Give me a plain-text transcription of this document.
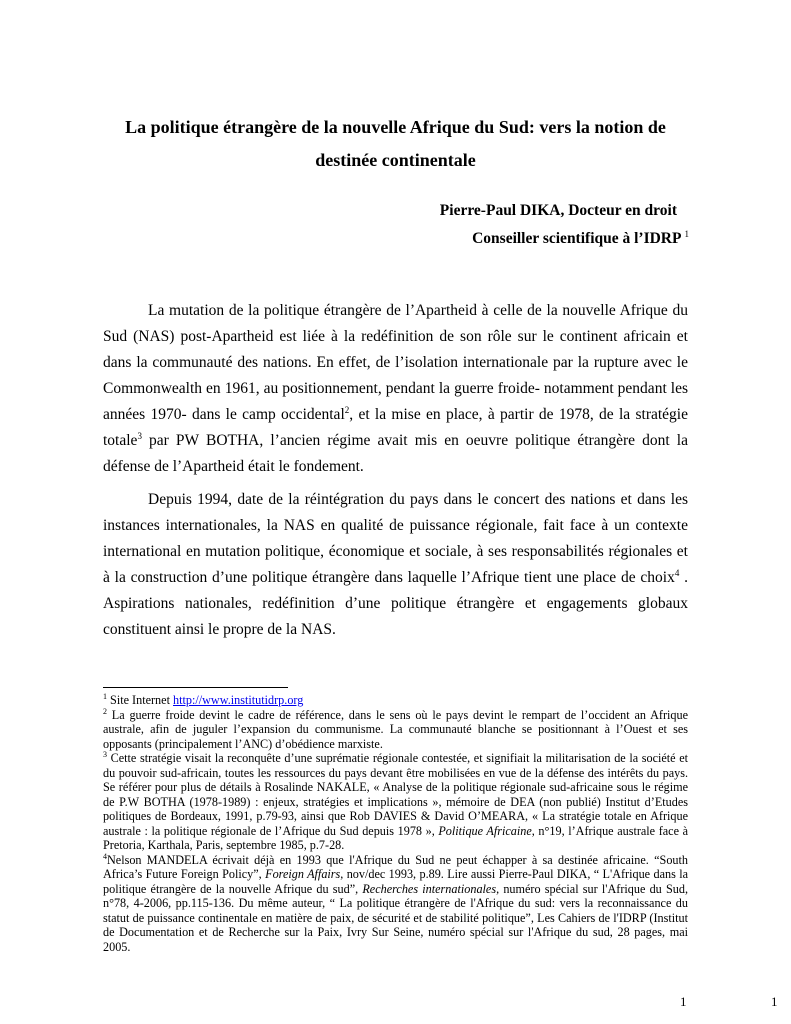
La politique étrangère de la nouvelle Afrique du Sud: vers la notion de destinée continentale
Pierre-Paul DIKA, Docteur en droit
Conseiller scientifique à l’IDRP $^1$

La mutation de la politique étrangère de l’Apartheid à celle de la nouvelle Afrique du Sud (NAS) post-Apartheid est liée à la redéfinition de son rôle sur le continent africain et dans la communauté des nations. En effet, de l’isolation internationale par la rupture avec le Commonwealth en 1961, au positionnement, pendant la guerre froide- notamment pendant les années 1970- dans le camp occidental$^2$, et la mise en place, à partir de 1978, de la stratégie totale$^3$ par PW BOTHA, l’ancien régime avait mis en oeuvre politique étrangère dont la défense de l’Apartheid était le fondement.

Depuis 1994, date de la réintégration du pays dans le concert des nations et dans les instances internationales, la NAS en qualité de puissance régionale, fait face à un contexte international en mutation politique, économique et sociale, à ses responsabilités régionales et à la construction d’une politique étrangère dans laquelle l’Afrique tient une place de choix$^4$ . Aspirations nationales, redéfinition d’une politique étrangère et engagements globaux constituent ainsi le propre de la NAS.

$^1$ Site Internet http://www.institutidrp.org

$^2$ La guerre froide devint le cadre de référence, dans le sens où le pays devint le rempart de l’occident an Afrique australe, afin de juguler l’expansion du communisme. La communauté blanche se positionnant à l’Ouest et ses opposants (principalement l’ANC) d’obédience marxiste.

$^3$ Cette stratégie visait la reconquête d’une suprématie régionale contestée, et signifiait la militarisation de la société et du pouvoir sud-africain, toutes les ressources du pays devant être mobilisées en vue de la défense des intérêts du pays. Se référer pour plus de détails à Rosalinde NAKALE, « Analyse de la politique régionale sud-africaine sous le régime de P.W BOTHA (1978-1989) : enjeux, stratégies et implications », mémoire de DEA (non publié) Institut d’Etudes politiques de Bordeaux, 1991, p.79-93, ainsi que Rob DAVIES & David O’MEARA, « La stratégie totale en Afrique australe : la politique régionale de l’Afrique du Sud depuis 1978 », Politique Africaine, n°19, l’Afrique australe face à Pretoria, Karthala, Paris, septembre 1985, p.7-28.

$^4$Nelson MANDELA écrivait déjà en 1993 que l'Afrique du Sud ne peut échapper à sa destinée africaine. “South Africa’s Future Foreign Policy”, Foreign Affairs, nov/dec 1993, p.89. Lire aussi Pierre-Paul DIKA, “ L'Afrique dans la politique étrangère de la nouvelle Afrique du sud”, Recherches internationales, numéro spécial sur l'Afrique du Sud, n°78, 4-2006, pp.115-136. Du même auteur, “ La politique étrangère de l'Afrique du sud: vers la reconnaissance du statut de puissance continentale en matière de paix, de sécurité et de stabilité politique”, Les Cahiers de l'IDRP (Institut de Documentation et de Recherche sur la Paix, Ivry Sur Seine, numéro spécial sur l'Afrique du sud, 28 pages, mai 2005.

1	1
